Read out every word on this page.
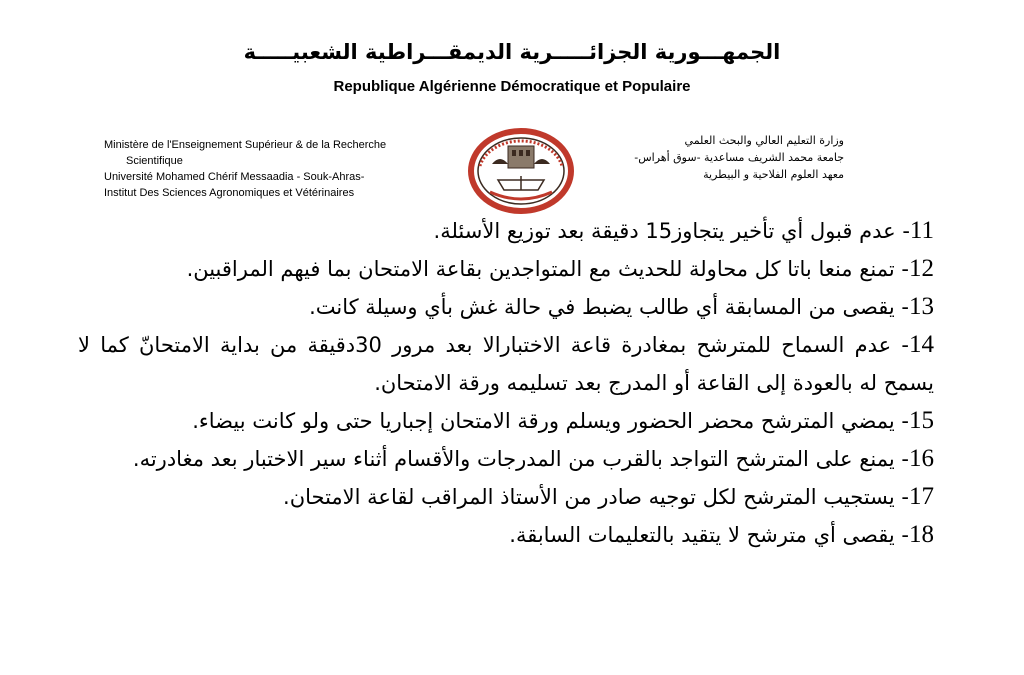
الجمهـــورية الجزائـــــرية الديمقـــراطية الشعبيـــــة
Republique Algérienne Démocratique et Populaire
Ministère de l'Enseignement Supérieur & de la Recherche
Scientifique
Université Mohamed Chérif Messaadia - Souk-Ahras-
Institut Des Sciences Agronomiques et Vétérinaires
وزارة التعليم العالي والبحث العلمي
جامعة محمد الشريف مساعدية -سوق أهراس-
معهد العلوم الفلاحية و البيطرية
11- عدم قبول أي تأخير يتجاوز15 دقيقة بعد توزيع الأسئلة.
12- تمنع منعا باتا كل محاولة للحديث مع المتواجدين بقاعة الامتحان بما فيهم المراقبين.
13- يقصى من المسابقة أي طالب يضبط في حالة غش بأي وسيلة كانت.
14- عدم السماح للمترشح بمغادرة قاعة الاختبارالا بعد مرور 30دقيقة من بداية الامتحانّ كما لا يسمح له بالعودة إلى القاعة أو المدرج بعد تسليمه ورقة الامتحان.
15- يمضي المترشح محضر الحضور ويسلم ورقة الامتحان إجباريا حتى ولو كانت بيضاء.
16- يمنع على المترشح التواجد بالقرب من المدرجات والأقسام أثناء سير الاختبار بعد مغادرته.
17- يستجيب المترشح لكل توجيه صادر من الأستاذ المراقب لقاعة الامتحان.
18- يقصى أي مترشح لا يتقيد بالتعليمات السابقة.
